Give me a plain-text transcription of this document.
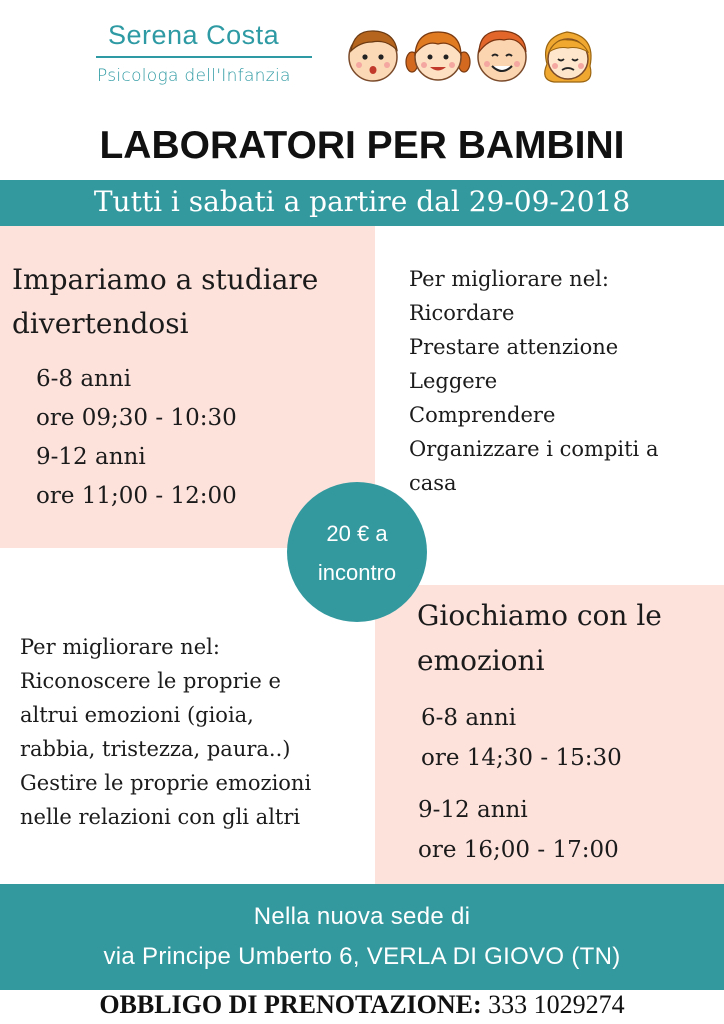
Serena Costa
Psicologa dell'Infanzia
LABORATORI PER BAMBINI
Tutti i sabati a partire dal 29-09-2018
Impariamo a studiare
divertendosi
6-8 anni
ore 09;30 - 10:30
9-12 anni
ore 11;00 - 12:00
Per migliorare nel:
Ricordare
Prestare attenzione
Leggere
Comprendere
Organizzare i compiti a
casa
20 € a
incontro
Per migliorare nel:
Riconoscere le proprie e
altrui emozioni (gioia,
rabbia, tristezza, paura..)
Gestire le proprie emozioni
nelle relazioni con gli altri
Giochiamo con le
emozioni
6-8 anni
ore 14;30 - 15:30
9-12 anni
ore 16;00 - 17:00
Nella nuova sede di
via Principe Umberto 6, VERLA DI GIOVO (TN)
OBBLIGO DI PRENOTAZIONE: 333 1029274
